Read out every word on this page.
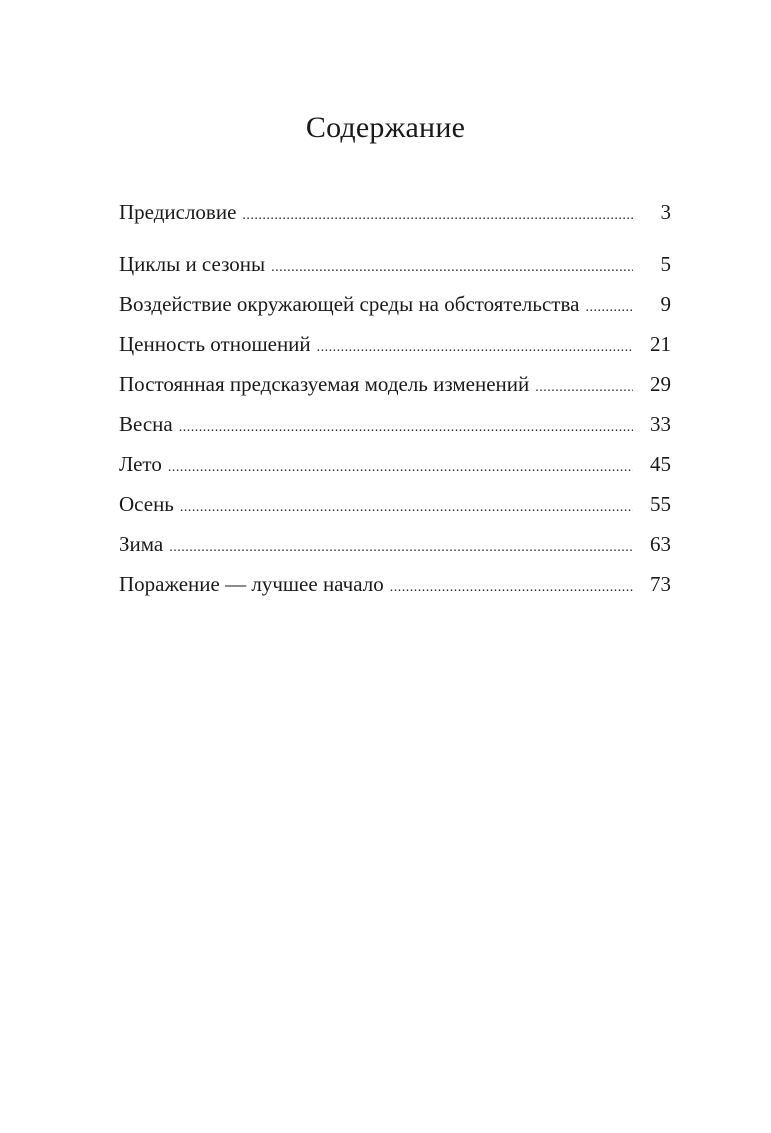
Содержание
Предисловие .....	3
Циклы и сезоны .....	5
Воздействие окружающей среды на обстоятельства .....	9
Ценность отношений .....	21
Постоянная предсказуемая модель изменений .....	29
Весна .....	33
Лето .....	45
Осень .....	55
Зима .....	63
Поражение — лучшее начало .....	73
